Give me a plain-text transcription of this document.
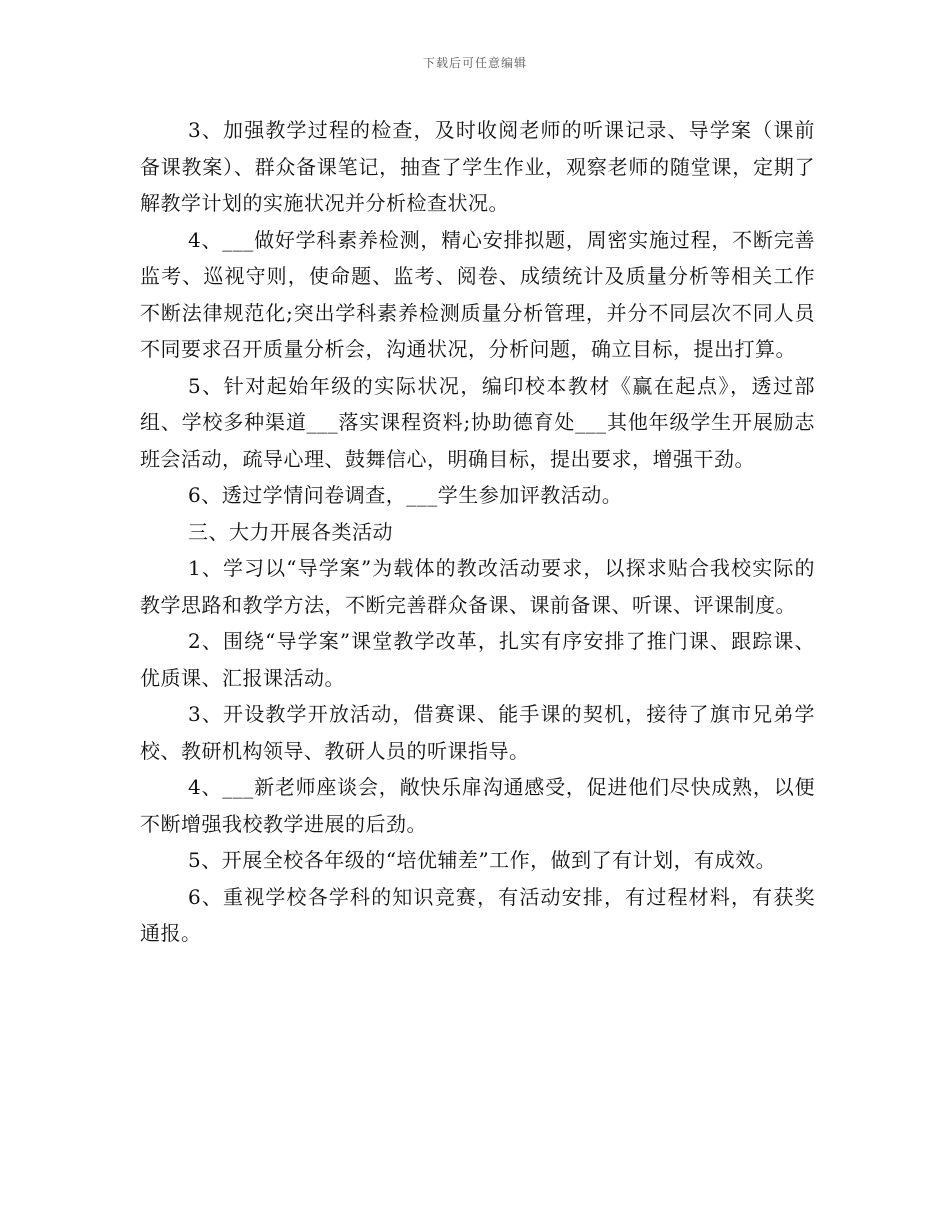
下载后可任意编辑

3、加强教学过程的检查，及时收阅老师的听课记录、导学案（课前备课教案）、群众备课笔记，抽查了学生作业，观察老师的随堂课，定期了解教学计划的实施状况并分析检查状况。

4、___做好学科素养检测，精心安排拟题，周密实施过程，不断完善监考、巡视守则，使命题、监考、阅卷、成绩统计及质量分析等相关工作不断法律规范化;突出学科素养检测质量分析管理，并分不同层次不同人员不同要求召开质量分析会，沟通状况，分析问题，确立目标，提出打算。

5、针对起始年级的实际状况，编印校本教材《赢在起点》，透过部组、学校多种渠道___落实课程资料;协助德育处___其他年级学生开展励志班会活动，疏导心理、鼓舞信心，明确目标，提出要求，增强干劲。

6、透过学情问卷调查，___学生参加评教活动。

三、大力开展各类活动

1、学习以“导学案”为载体的教改活动要求，以探求贴合我校实际的教学思路和教学方法，不断完善群众备课、课前备课、听课、评课制度。

2、围绕“导学案”课堂教学改革，扎实有序安排了推门课、跟踪课、优质课、汇报课活动。

3、开设教学开放活动，借赛课、能手课的契机，接待了旗市兄弟学校、教研机构领导、教研人员的听课指导。

4、___新老师座谈会，敞快乐扉沟通感受，促进他们尽快成熟，以便不断增强我校教学进展的后劲。

5、开展全校各年级的“培优辅差”工作，做到了有计划，有成效。

6、重视学校各学科的知识竞赛，有活动安排，有过程材料，有获奖通报。
